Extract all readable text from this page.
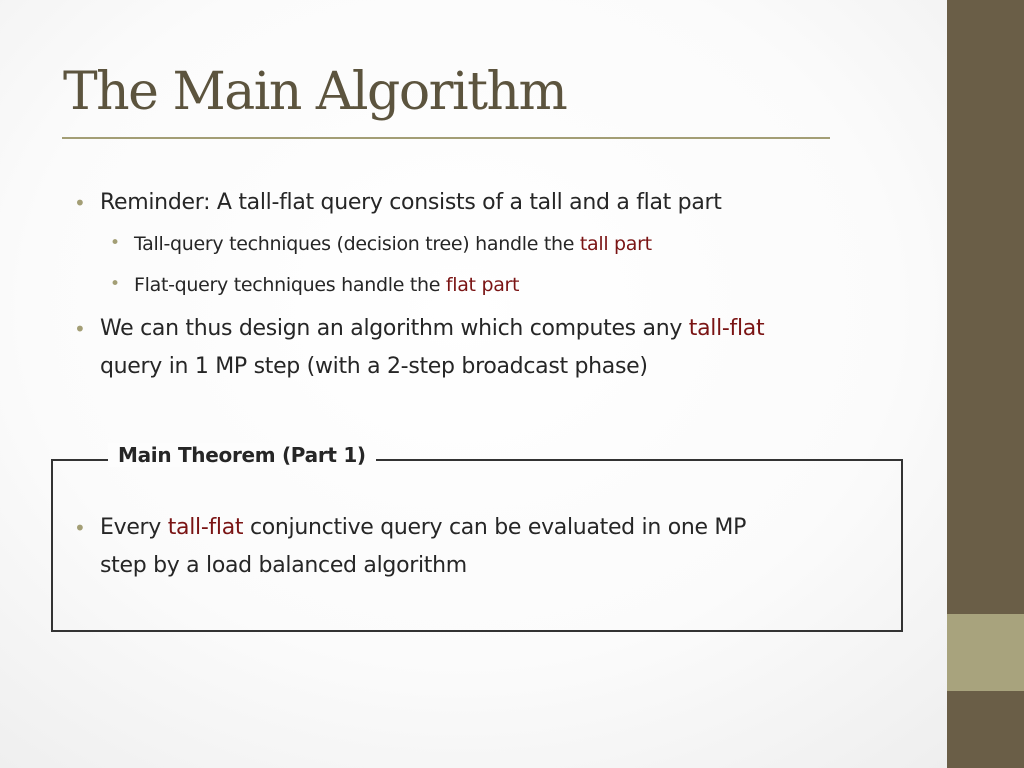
The Main Algorithm
• Reminder: A tall-flat query consists of a tall and a flat part
• Tall-query techniques (decision tree) handle the tall part
• Flat-query techniques handle the flat part
• We can thus design an algorithm which computes any tall-flat
query in 1 MP step (with a 2-step broadcast phase)
Main Theorem (Part 1)
• Every tall-flat conjunctive query can be evaluated in one MP
step by a load balanced algorithm
